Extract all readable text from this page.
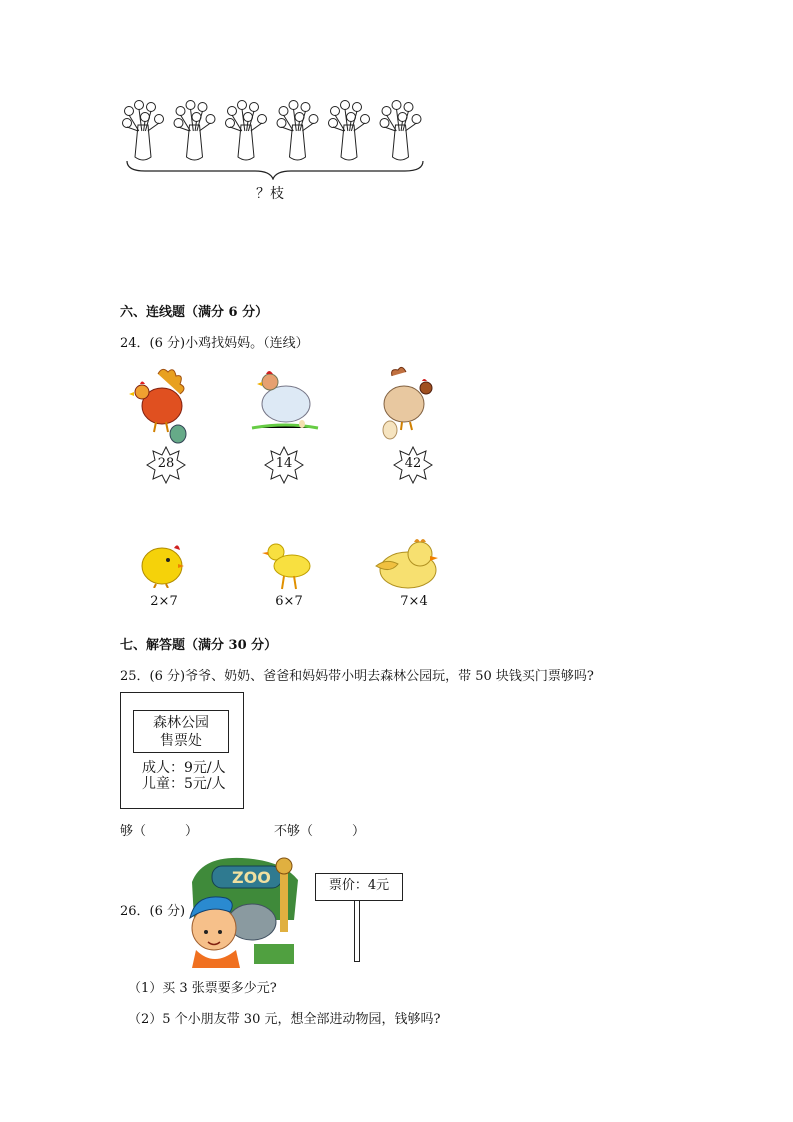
？枝
六、连线题（满分 6 分）
24．(6 分)小鸡找妈妈。（连线）
28	14	42
2×7	6×7	7×4
七、解答题（满分 30 分）
25．(6 分)爷爷、奶奶、爸爸和妈妈带小明去森林公园玩，带 50 块钱买门票够吗?
森林公园
售票处
成人：9元/人
儿童：5元/人
够（　　　）	不够（　　　）
26．(6 分)
ZOO	票价：4元
（1）买 3 张票要多少元?
（2）5 个小朋友带 30 元，想全部进动物园，钱够吗?
